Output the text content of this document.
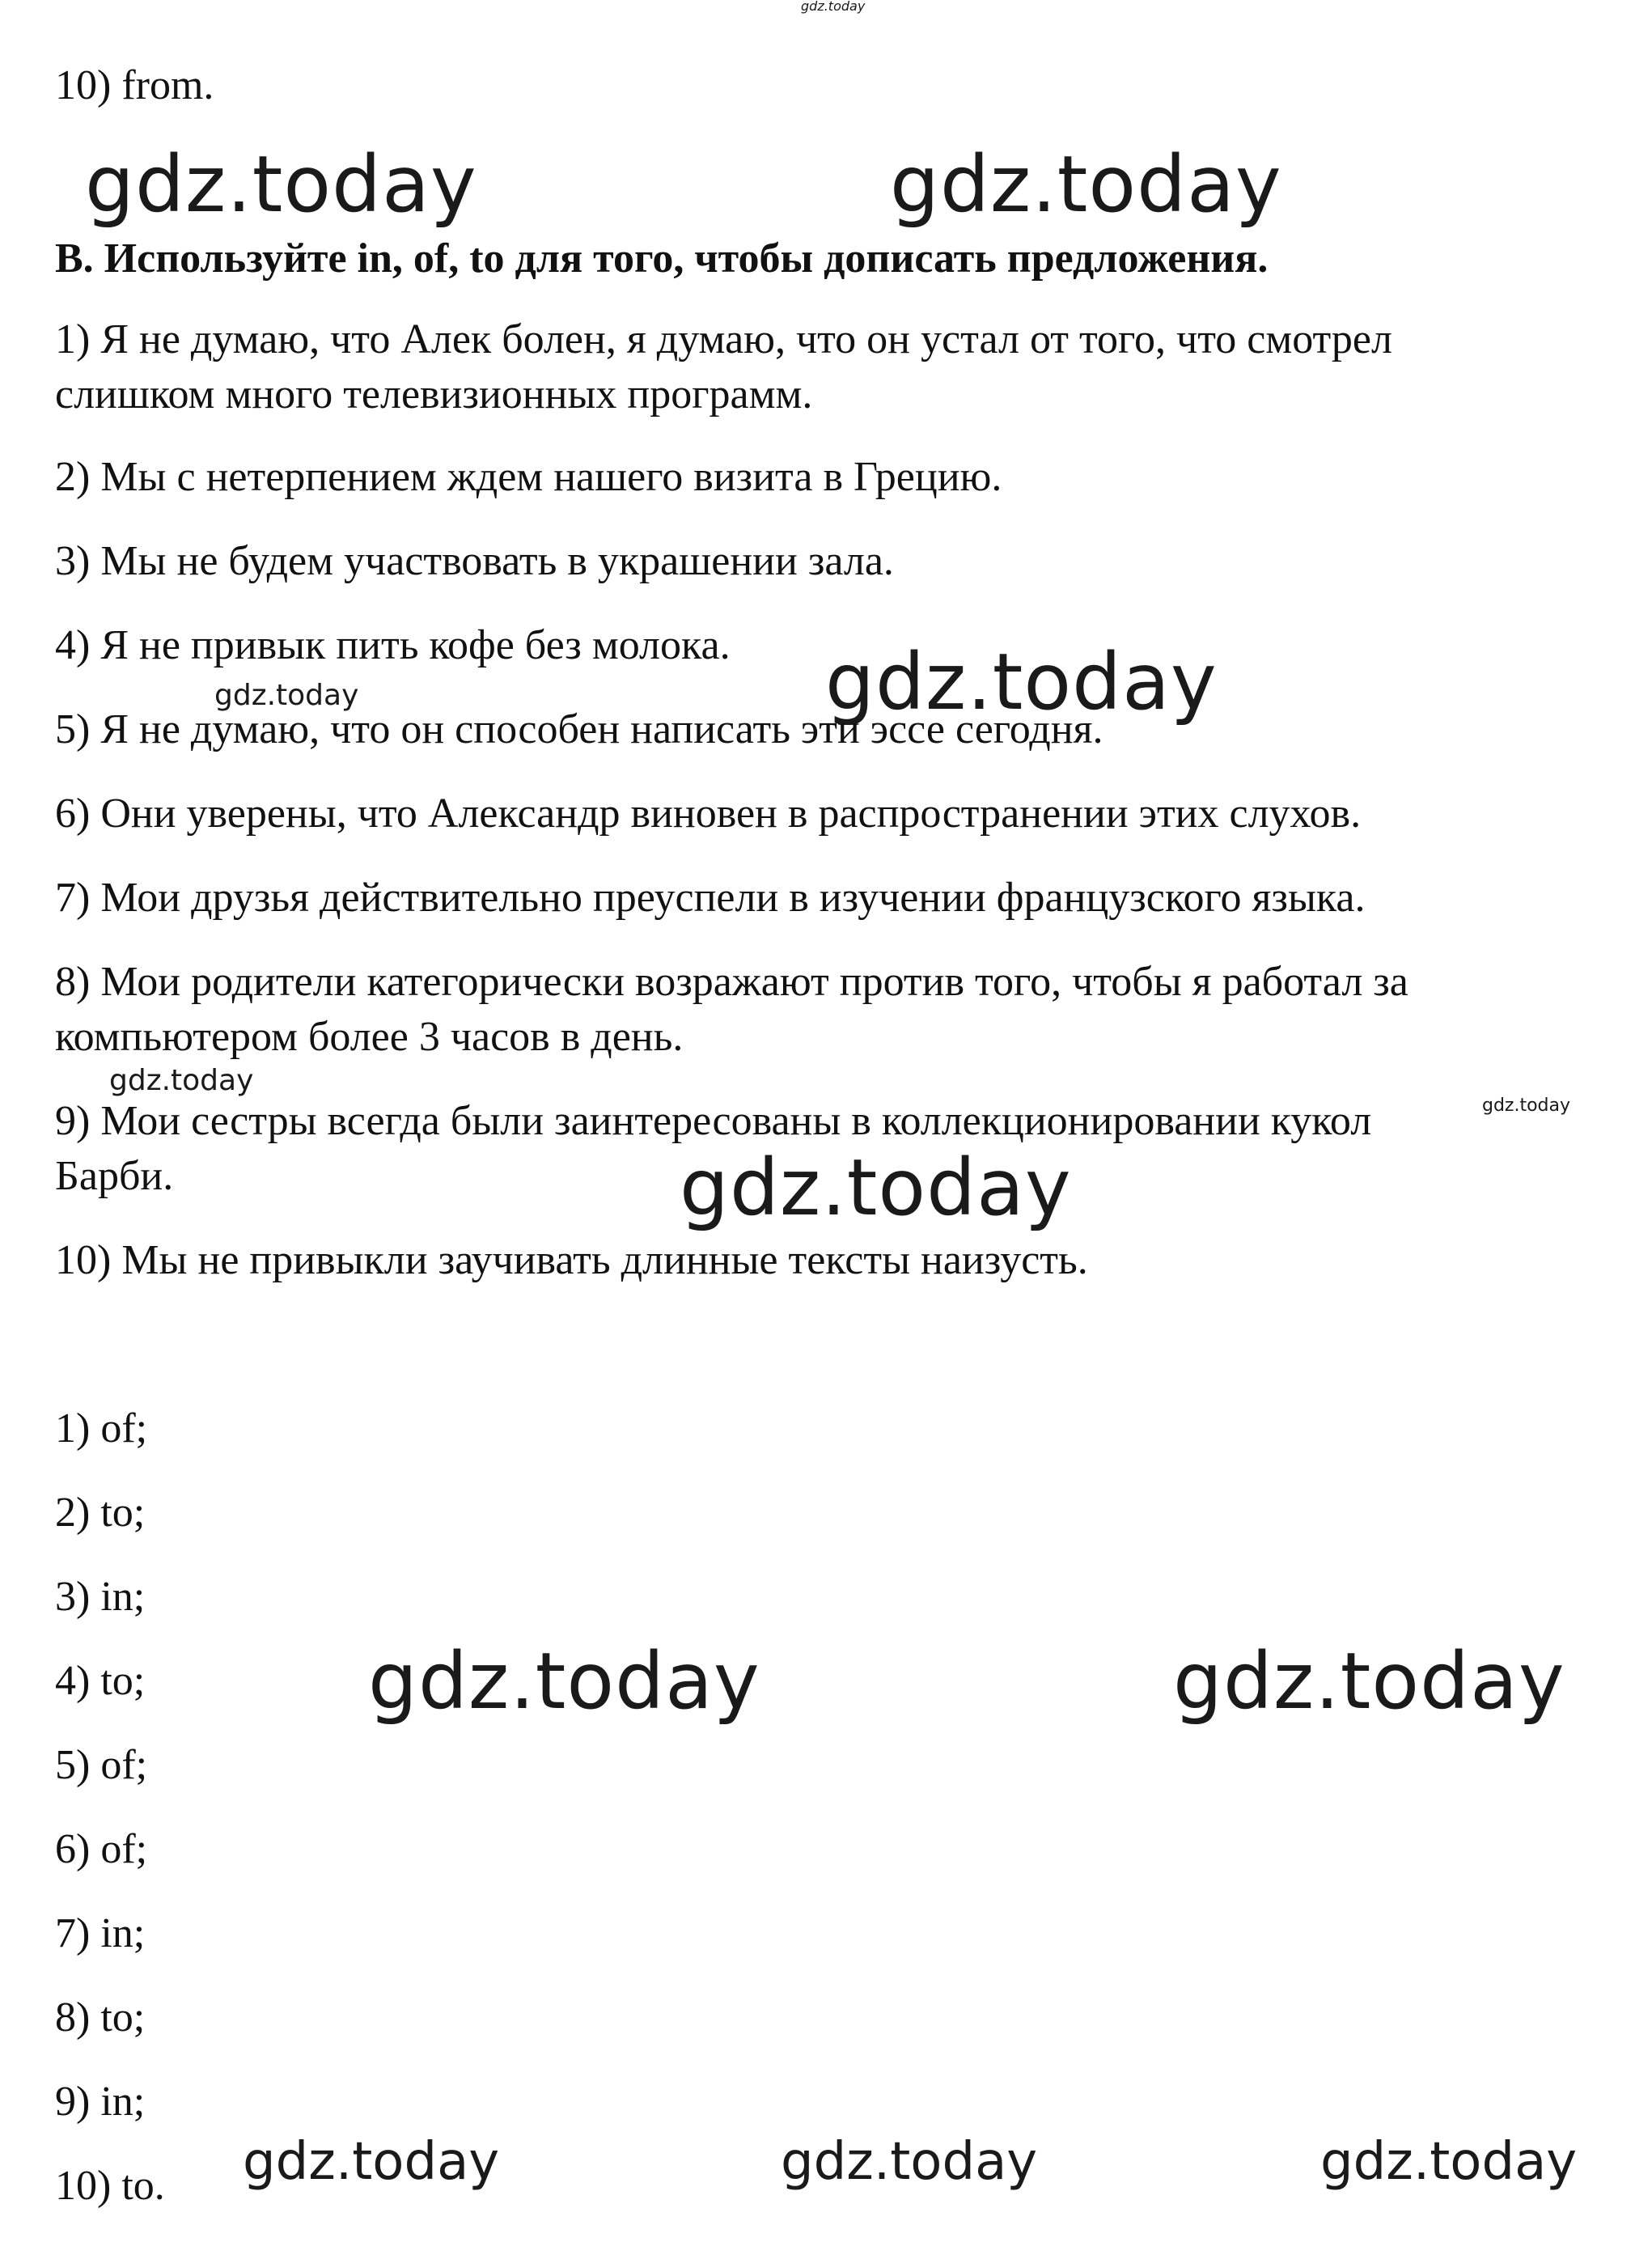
gdz.today
gdz.today	gdz.today
gdz.today
gdz.today
gdz.today
gdz.today
gdz.today
gdz.today	gdz.today
gdz.today	gdz.today	gdz.today
10) from.
B. Используйте in, of, to для того, чтобы дописать предложения.
1) Я не думаю, что Алек болен, я думаю, что он устал от того, что смотрел
слишком много телевизионных программ.
2) Мы с нетерпением ждем нашего визита в Грецию.
3) Мы не будем участвовать в украшении зала.
4) Я не привык пить кофе без молока.
5) Я не думаю, что он способен написать эти эссе сегодня.
6) Они уверены, что Александр виновен в распространении этих слухов.
7) Мои друзья действительно преуспели в изучении французского языка.
8) Мои родители категорически возражают против того, чтобы я работал за
компьютером более 3 часов в день.
9) Мои сестры всегда были заинтересованы в коллекционировании кукол
Барби.
10) Мы не привыкли заучивать длинные тексты наизусть.
1) of;
2) to;
3) in;
4) to;
5) of;
6) of;
7) in;
8) to;
9) in;
10) to.
